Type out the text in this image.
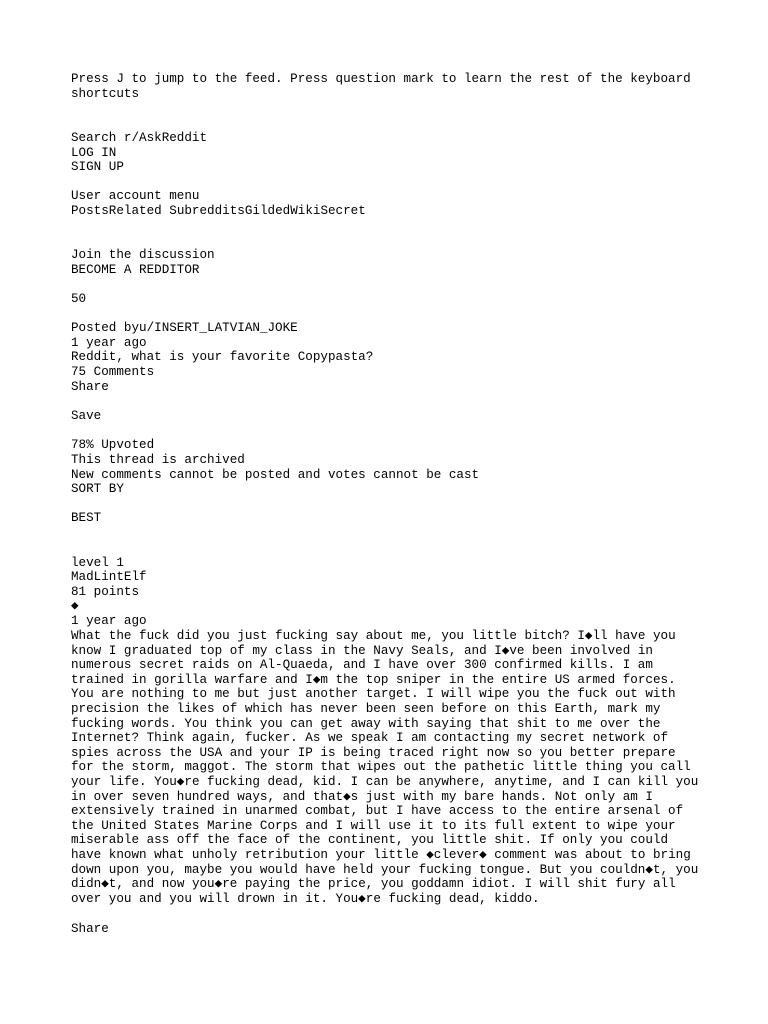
Press J to jump to the feed. Press question mark to learn the rest of the keyboard
shortcuts
Search r/AskReddit
LOG IN
SIGN UP
User account menu
PostsRelated SubredditsGildedWikiSecret
Join the discussion
BECOME A REDDITOR
50
Posted byu/INSERT_LATVIAN_JOKE
1 year ago
Reddit, what is your favorite Copypasta?
75 Comments
Share
Save
78% Upvoted
This thread is archived
New comments cannot be posted and votes cannot be cast
SORT BY
BEST
level 1
MadLintElf
81 points
◆
1 year ago
What the fuck did you just fucking say about me, you little bitch? I◆ll have you
know I graduated top of my class in the Navy Seals, and I◆ve been involved in
numerous secret raids on Al-Quaeda, and I have over 300 confirmed kills. I am
trained in gorilla warfare and I◆m the top sniper in the entire US armed forces.
You are nothing to me but just another target. I will wipe you the fuck out with
precision the likes of which has never been seen before on this Earth, mark my
fucking words. You think you can get away with saying that shit to me over the
Internet? Think again, fucker. As we speak I am contacting my secret network of
spies across the USA and your IP is being traced right now so you better prepare
for the storm, maggot. The storm that wipes out the pathetic little thing you call
your life. You◆re fucking dead, kid. I can be anywhere, anytime, and I can kill you
in over seven hundred ways, and that◆s just with my bare hands. Not only am I
extensively trained in unarmed combat, but I have access to the entire arsenal of
the United States Marine Corps and I will use it to its full extent to wipe your
miserable ass off the face of the continent, you little shit. If only you could
have known what unholy retribution your little ◆clever◆ comment was about to bring
down upon you, maybe you would have held your fucking tongue. But you couldn◆t, you
didn◆t, and now you◆re paying the price, you goddamn idiot. I will shit fury all
over you and you will drown in it. You◆re fucking dead, kiddo.
Share
